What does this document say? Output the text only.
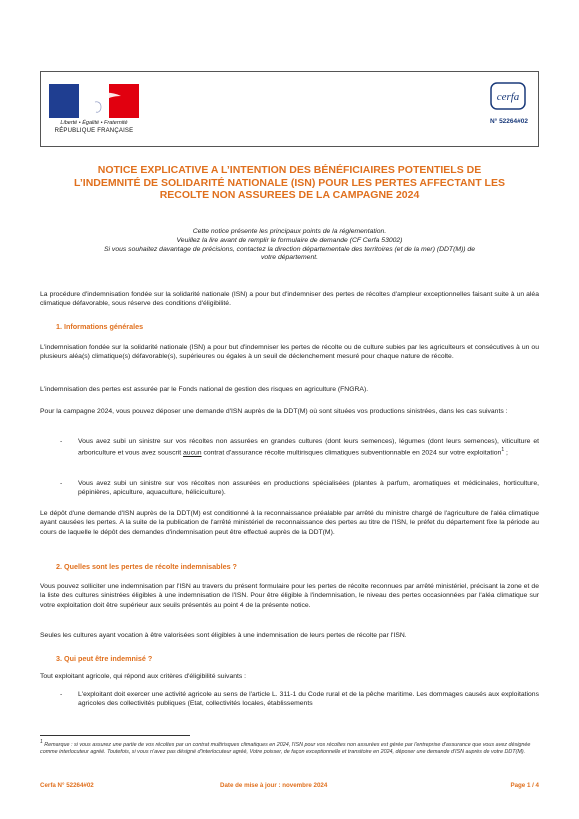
Liberté • Égalité • Fraternité
RÉPUBLIQUE FRANÇAISE
cerfa
N° 52264#02
NOTICE EXPLICATIVE A L’INTENTION DES BÉNÉFICIAIRES POTENTIELS DE
L’INDEMNITÉ DE SOLIDARITÉ NATIONALE (ISN) POUR LES PERTES AFFECTANT LES
RECOLTE NON ASSUREES DE LA CAMPAGNE 2024
Cette notice présente les principaux points de la réglementation.
Veuillez la lire avant de remplir le formulaire de demande (CF Cerfa 53002)
Si vous souhaitez davantage de précisions, contactez la direction départementale des territoires (et de la mer) (DDT(M)) de
votre département.
La procédure d'indemnisation fondée sur la solidarité nationale (ISN) a pour but d'indemniser des pertes de récoltes d'ampleur exceptionnelles faisant suite à un aléa climatique défavorable, sous réserve des conditions d'éligibilité.
1. Informations générales
L'indemnisation fondée sur la solidarité nationale (ISN) a pour but d'indemniser les pertes de récolte ou de culture subies par les agriculteurs et consécutives à un ou plusieurs aléa(s) climatique(s) défavorable(s), supérieures ou égales à un seuil de déclenchement mesuré pour chaque nature de récolte.
L'indemnisation des pertes est assurée par le Fonds national de gestion des risques en agriculture (FNGRA).
Pour la campagne 2024, vous pouvez déposer une demande d'ISN auprès de la DDT(M) où sont situées vos productions sinistrées, dans les cas suivants :
- Vous avez subi un sinistre sur vos récoltes non assurées en grandes cultures (dont leurs semences), légumes (dont leurs semences), viticulture et arboriculture et vous avez souscrit aucun contrat d'assurance récolte multirisques climatiques subventionnable en 2024 sur votre exploitation$^1$ ;
- Vous avez subi un sinistre sur vos récoltes non assurées en productions spécialisées (plantes à parfum, aromatiques et médicinales, horticulture, pépinières, apiculture, aquaculture, héliciculture).
Le dépôt d'une demande d'ISN auprès de la DDT(M) est conditionné à la reconnaissance préalable par arrêté du ministre chargé de l'agriculture de l'aléa climatique ayant causées les pertes. A la suite de la publication de l'arrêté ministériel de reconnaissance des pertes au titre de l'ISN, le préfet du département fixe la période au cours de laquelle le dépôt des demandes d'indemnisation peut être effectué auprès de la DDT(M).
2. Quelles sont les pertes de récolte indemnisables ?
Vous pouvez solliciter une indemnisation par l'ISN au travers du présent formulaire pour les pertes de récolte reconnues par arrêté ministériel, précisant la zone et de la liste des cultures sinistrées éligibles à une indemnisation de l'ISN. Pour être éligible à l'indemnisation, le niveau des pertes occasionnées par l'aléa climatique sur votre exploitation doit être supérieur aux seuils présentés au point 4 de la présente notice.
Seules les cultures ayant vocation à être valorisées sont éligibles à une indemnisation de leurs pertes de récolte par l'ISN.
3. Qui peut être indemnisé ?
Tout exploitant agricole, qui répond aux critères d'éligibilité suivants :
- L'exploitant doit exercer une activité agricole au sens de l'article L. 311-1 du Code rural et de la pêche maritime. Les dommages causés aux exploitations agricoles des collectivités publiques (Etat, collectivités locales, établissements
$^1$ Remarque : si vous assurez une partie de vos récoltes par un contrat multirisques climatiques en 2024, l'ISN pour vos récoltes non assurées est gérée par l'entreprise d'assurance que vous avez désignée comme interlocuteur agréé. Toutefois, si vous n'avez pas désigné d'interlocuteur agréé, Votre poisser, de façon exceptionnelle et transitoire en 2024, déposer une demande d'ISN auprès de votre DDT(M).
Cerfa N° 52264#02	Date de mise à jour : novembre 2024	Page 1 / 4
